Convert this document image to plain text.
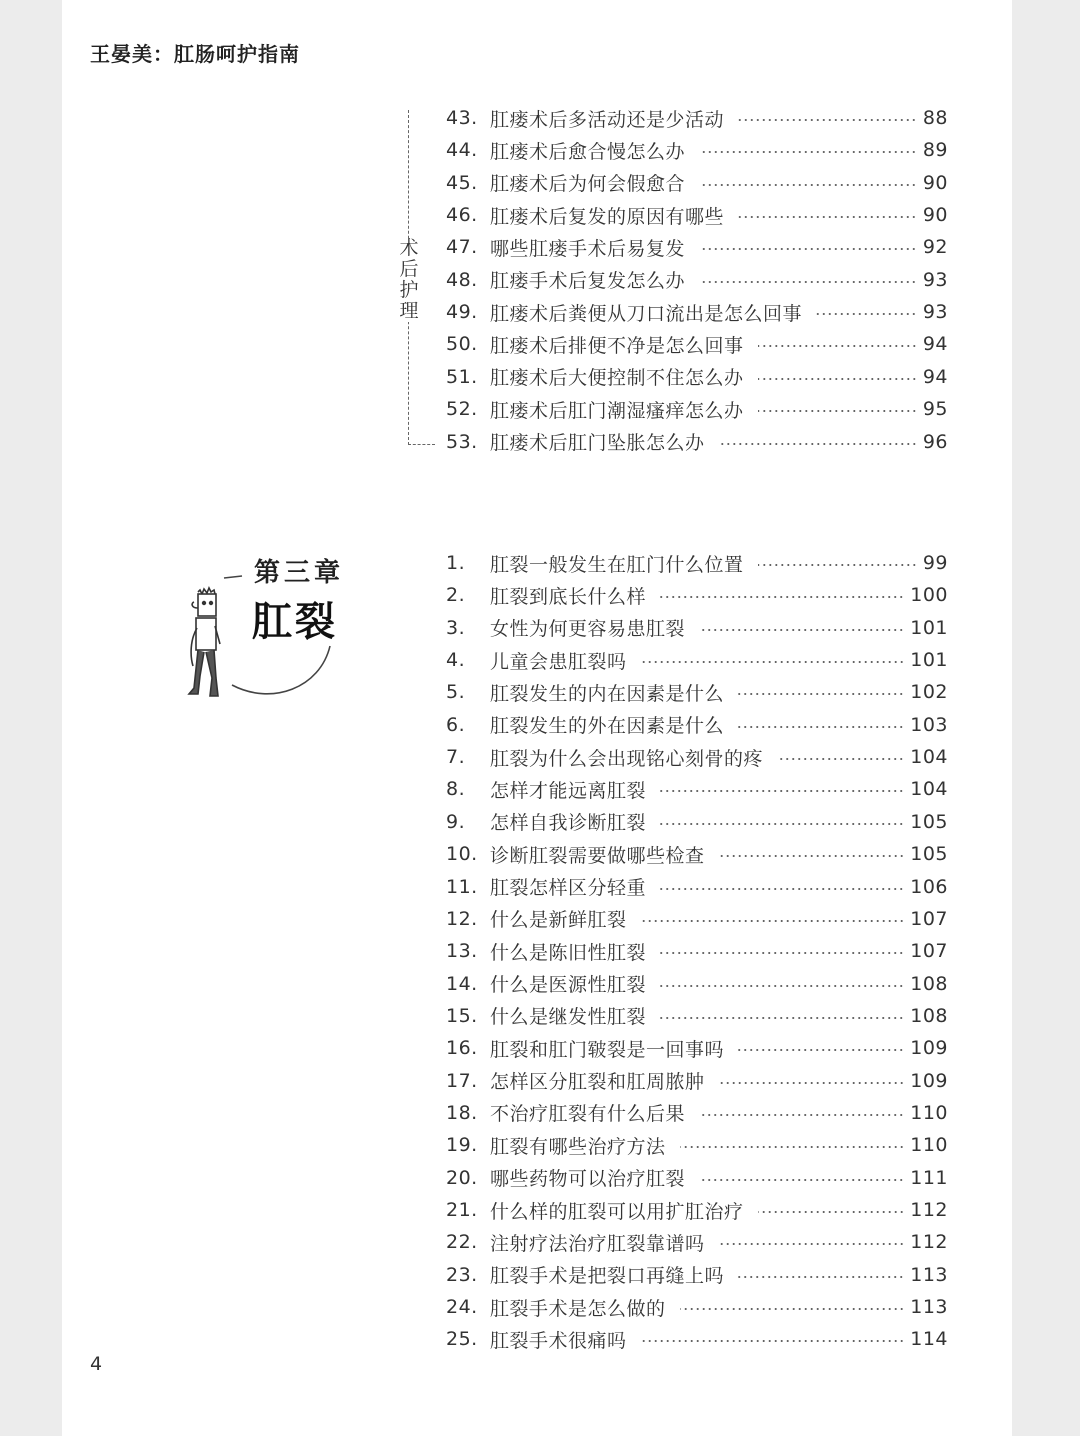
王晏美：肛肠呵护指南
术后护理
43. 肛瘘术后多活动还是少活动	88
44. 肛瘘术后愈合慢怎么办	89
45. 肛瘘术后为何会假愈合	90
46. 肛瘘术后复发的原因有哪些	90
47. 哪些肛瘘手术后易复发	92
48. 肛瘘手术后复发怎么办	93
49. 肛瘘术后粪便从刀口流出是怎么回事	93
50. 肛瘘术后排便不净是怎么回事	94
51. 肛瘘术后大便控制不住怎么办	94
52. 肛瘘术后肛门潮湿瘙痒怎么办	95
53. 肛瘘术后肛门坠胀怎么办	96
第三章
肛裂
1.	肛裂一般发生在肛门什么位置	99
2.	肛裂到底长什么样	100
3.	女性为何更容易患肛裂	101
4.	儿童会患肛裂吗	101
5.	肛裂发生的内在因素是什么	102
6.	肛裂发生的外在因素是什么	103
7.	肛裂为什么会出现铭心刻骨的疼	104
8.	怎样才能远离肛裂	104
9.	怎样自我诊断肛裂	105
10. 诊断肛裂需要做哪些检查	105
11. 肛裂怎样区分轻重	106
12. 什么是新鲜肛裂	107
13. 什么是陈旧性肛裂	107
14. 什么是医源性肛裂	108
15. 什么是继发性肛裂	108
16. 肛裂和肛门皲裂是一回事吗	109
17. 怎样区分肛裂和肛周脓肿	109
18. 不治疗肛裂有什么后果	110
19. 肛裂有哪些治疗方法	110
20. 哪些药物可以治疗肛裂	111
21. 什么样的肛裂可以用扩肛治疗	112
22. 注射疗法治疗肛裂靠谱吗	112
23. 肛裂手术是把裂口再缝上吗	113
24. 肛裂手术是怎么做的	113
25. 肛裂手术很痛吗	114
4
